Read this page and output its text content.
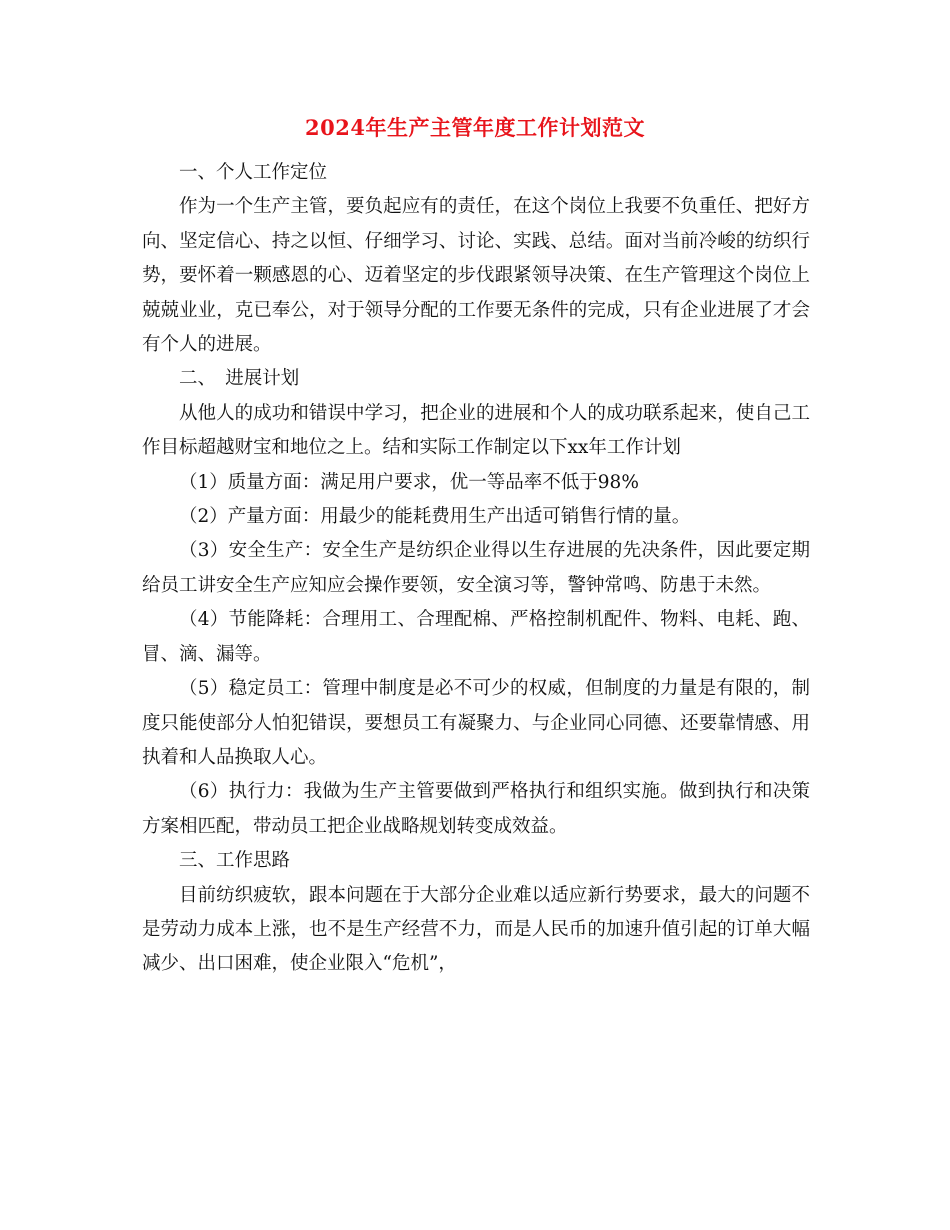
2024年生产主管年度工作计划范文

一、个人工作定位

作为一个生产主管，要负起应有的责任，在这个岗位上我要不负重任、把好方向、坚定信心、持之以恒、仔细学习、讨论、实践、总结。面对当前冷峻的纺织行势，要怀着一颗感恩的心、迈着坚定的步伐跟紧领导决策、在生产管理这个岗位上兢兢业业，克已奉公，对于领导分配的工作要无条件的完成，只有企业进展了才会有个人的进展。

二、　进展计划

从他人的成功和错误中学习，把企业的进展和个人的成功联系起来，使自己工作目标超越财宝和地位之上。结和实际工作制定以下xx年工作计划

（1）质量方面：满足用户要求，优一等品率不低于98%

（2）产量方面：用最少的能耗费用生产出适可销售行情的量。

（3）安全生产：安全生产是纺织企业得以生存进展的先决条件，因此要定期给员工讲安全生产应知应会操作要领，安全演习等，警钟常鸣、防患于未然。

（4）节能降耗：合理用工、合理配棉、严格控制机配件、物料、电耗、跑、冒、滴、漏等。

（5）稳定员工：管理中制度是必不可少的权威，但制度的力量是有限的，制度只能使部分人怕犯错误，要想员工有凝聚力、与企业同心同德、还要靠情感、用执着和人品换取人心。

（6）执行力：我做为生产主管要做到严格执行和组织实施。做到执行和决策方案相匹配，带动员工把企业战略规划转变成效益。

三、工作思路

目前纺织疲软，跟本问题在于大部分企业难以适应新行势要求，最大的问题不是劳动力成本上涨，也不是生产经营不力，而是人民币的加速升值引起的订单大幅减少、出口困难，使企业限入“危机”，
